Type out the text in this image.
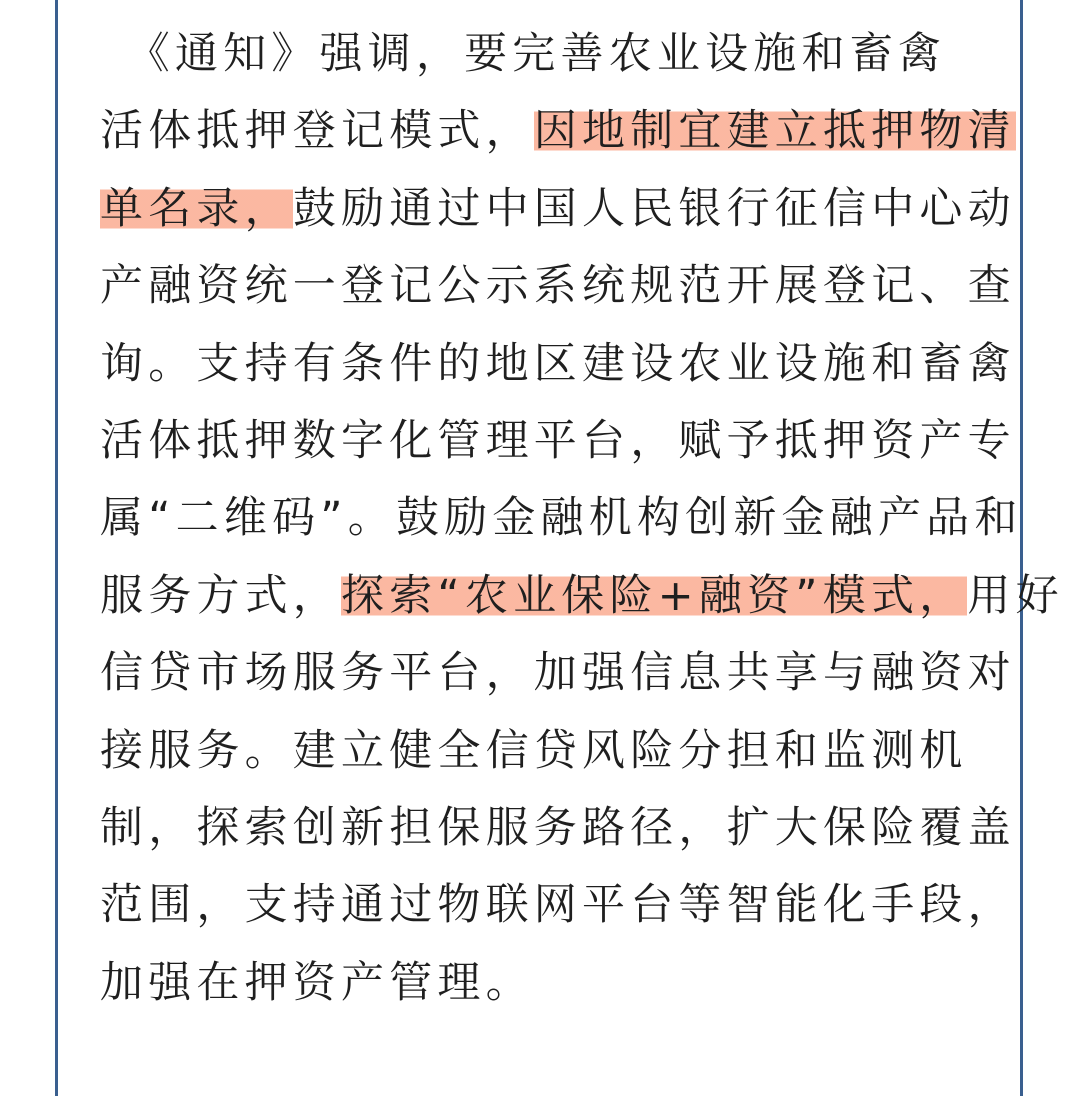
　《通知》强调，要完善农业设施和畜禽
活体抵押登记模式，因地制宜建立抵押物清
单名录，鼓励通过中国人民银行征信中心动
产融资统一登记公示系统规范开展登记、查
询。支持有条件的地区建设农业设施和畜禽
活体抵押数字化管理平台，赋予抵押资产专
属“二维码”。鼓励金融机构创新金融产品和
服务方式，探索“农业保险+融资”模式，用好
信贷市场服务平台，加强信息共享与融资对
接服务。建立健全信贷风险分担和监测机
制，探索创新担保服务路径，扩大保险覆盖
范围，支持通过物联网平台等智能化手段，
加强在押资产管理。
